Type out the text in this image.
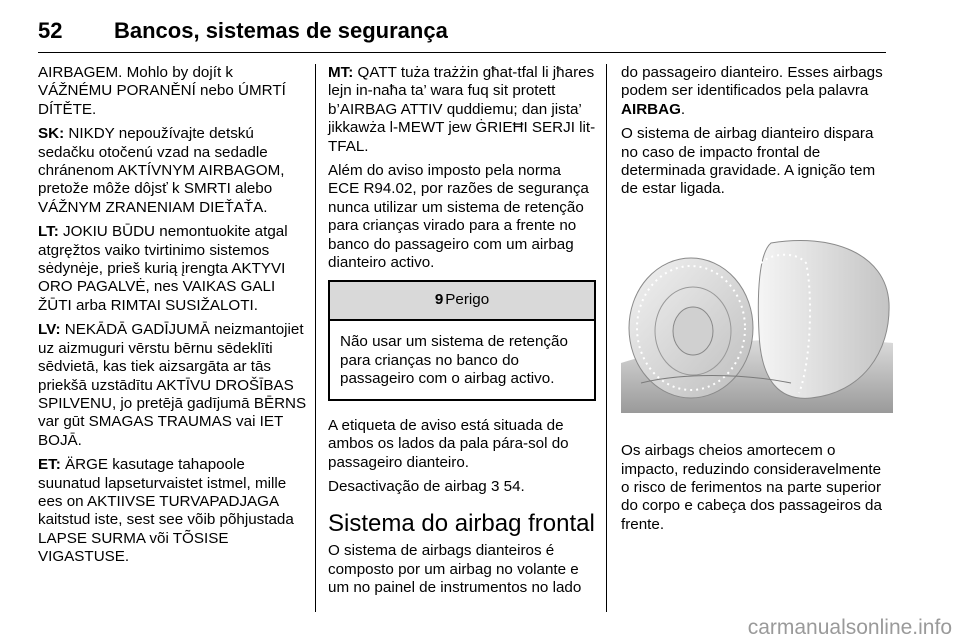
52 Bancos, sistemas de segurança

AIRBAGEM. Mohlo by dojít k VÁŽNÉMU PORANĚNÍ nebo ÚMRTÍ DÍTĚTE.

SK: NIKDY nepoužívajte detskú sedačku otočenú vzad na sedadle chránenom AKTÍVNYM AIRBAGOM, pretože môže dôjsť k SMRTI alebo VÁŽNYM ZRANENIAM DIEŤAŤA.

LT: JOKIU BŪDU nemontuokite atgal atgręžtos vaiko tvirtinimo sistemos sėdynėje, prieš kurią įrengta AKTYVI ORO PAGALVĖ, nes VAIKAS GALI ŽŪTI arba RIMTAI SUSIŽALOTI.

LV: NEKĀDĀ GADĪJUMĀ neizmantojiet uz aizmuguri vērstu bērnu sēdeklīti sēdvietā, kas tiek aizsargāta ar tās priekšā uzstādītu AKTĪVU DROŠĪBAS SPILVENU, jo pretējā gadījumā BĒRNS var gūt SMAGAS TRAUMAS vai IET BOJĀ.

ET: ÄRGE kasutage tahapoole suunatud lapseturvaistet istmel, mille ees on AKTIIVSE TURVAPADJAGA kaitstud iste, sest see võib põhjustada LAPSE SURMA või TÕSISE VIGASTUSE.

MT: QATT tuża trażżin għat-tfal li jħares lejn in-naħa ta’ wara fuq sit protett b’AIRBAG ATTIV quddiemu; dan jista’ jikkawża l-MEWT jew ĠRIEĦI SERJI lit-TFAL.

Além do aviso imposto pela norma ECE R94.02, por razões de segurança nunca utilizar um sistema de retenção para crianças virado para a frente no banco do passageiro com um airbag dianteiro activo.

9 Perigo
Não usar um sistema de retenção para crianças no banco do passageiro com o airbag activo.

A etiqueta de aviso está situada de ambos os lados da pala pára-sol do passageiro dianteiro.

Desactivação de airbag 3 54.

Sistema do airbag frontal

O sistema de airbags dianteiros é composto por um airbag no volante e um no painel de instrumentos no lado

do passageiro dianteiro. Esses airbags podem ser identificados pela palavra AIRBAG.

O sistema de airbag dianteiro dispara no caso de impacto frontal de determinada gravidade. A ignição tem de estar ligada.

Os airbags cheios amortecem o impacto, reduzindo consideravelmente o risco de ferimentos na parte superior do corpo e cabeça dos passageiros da frente.

carmanualsonline.info
